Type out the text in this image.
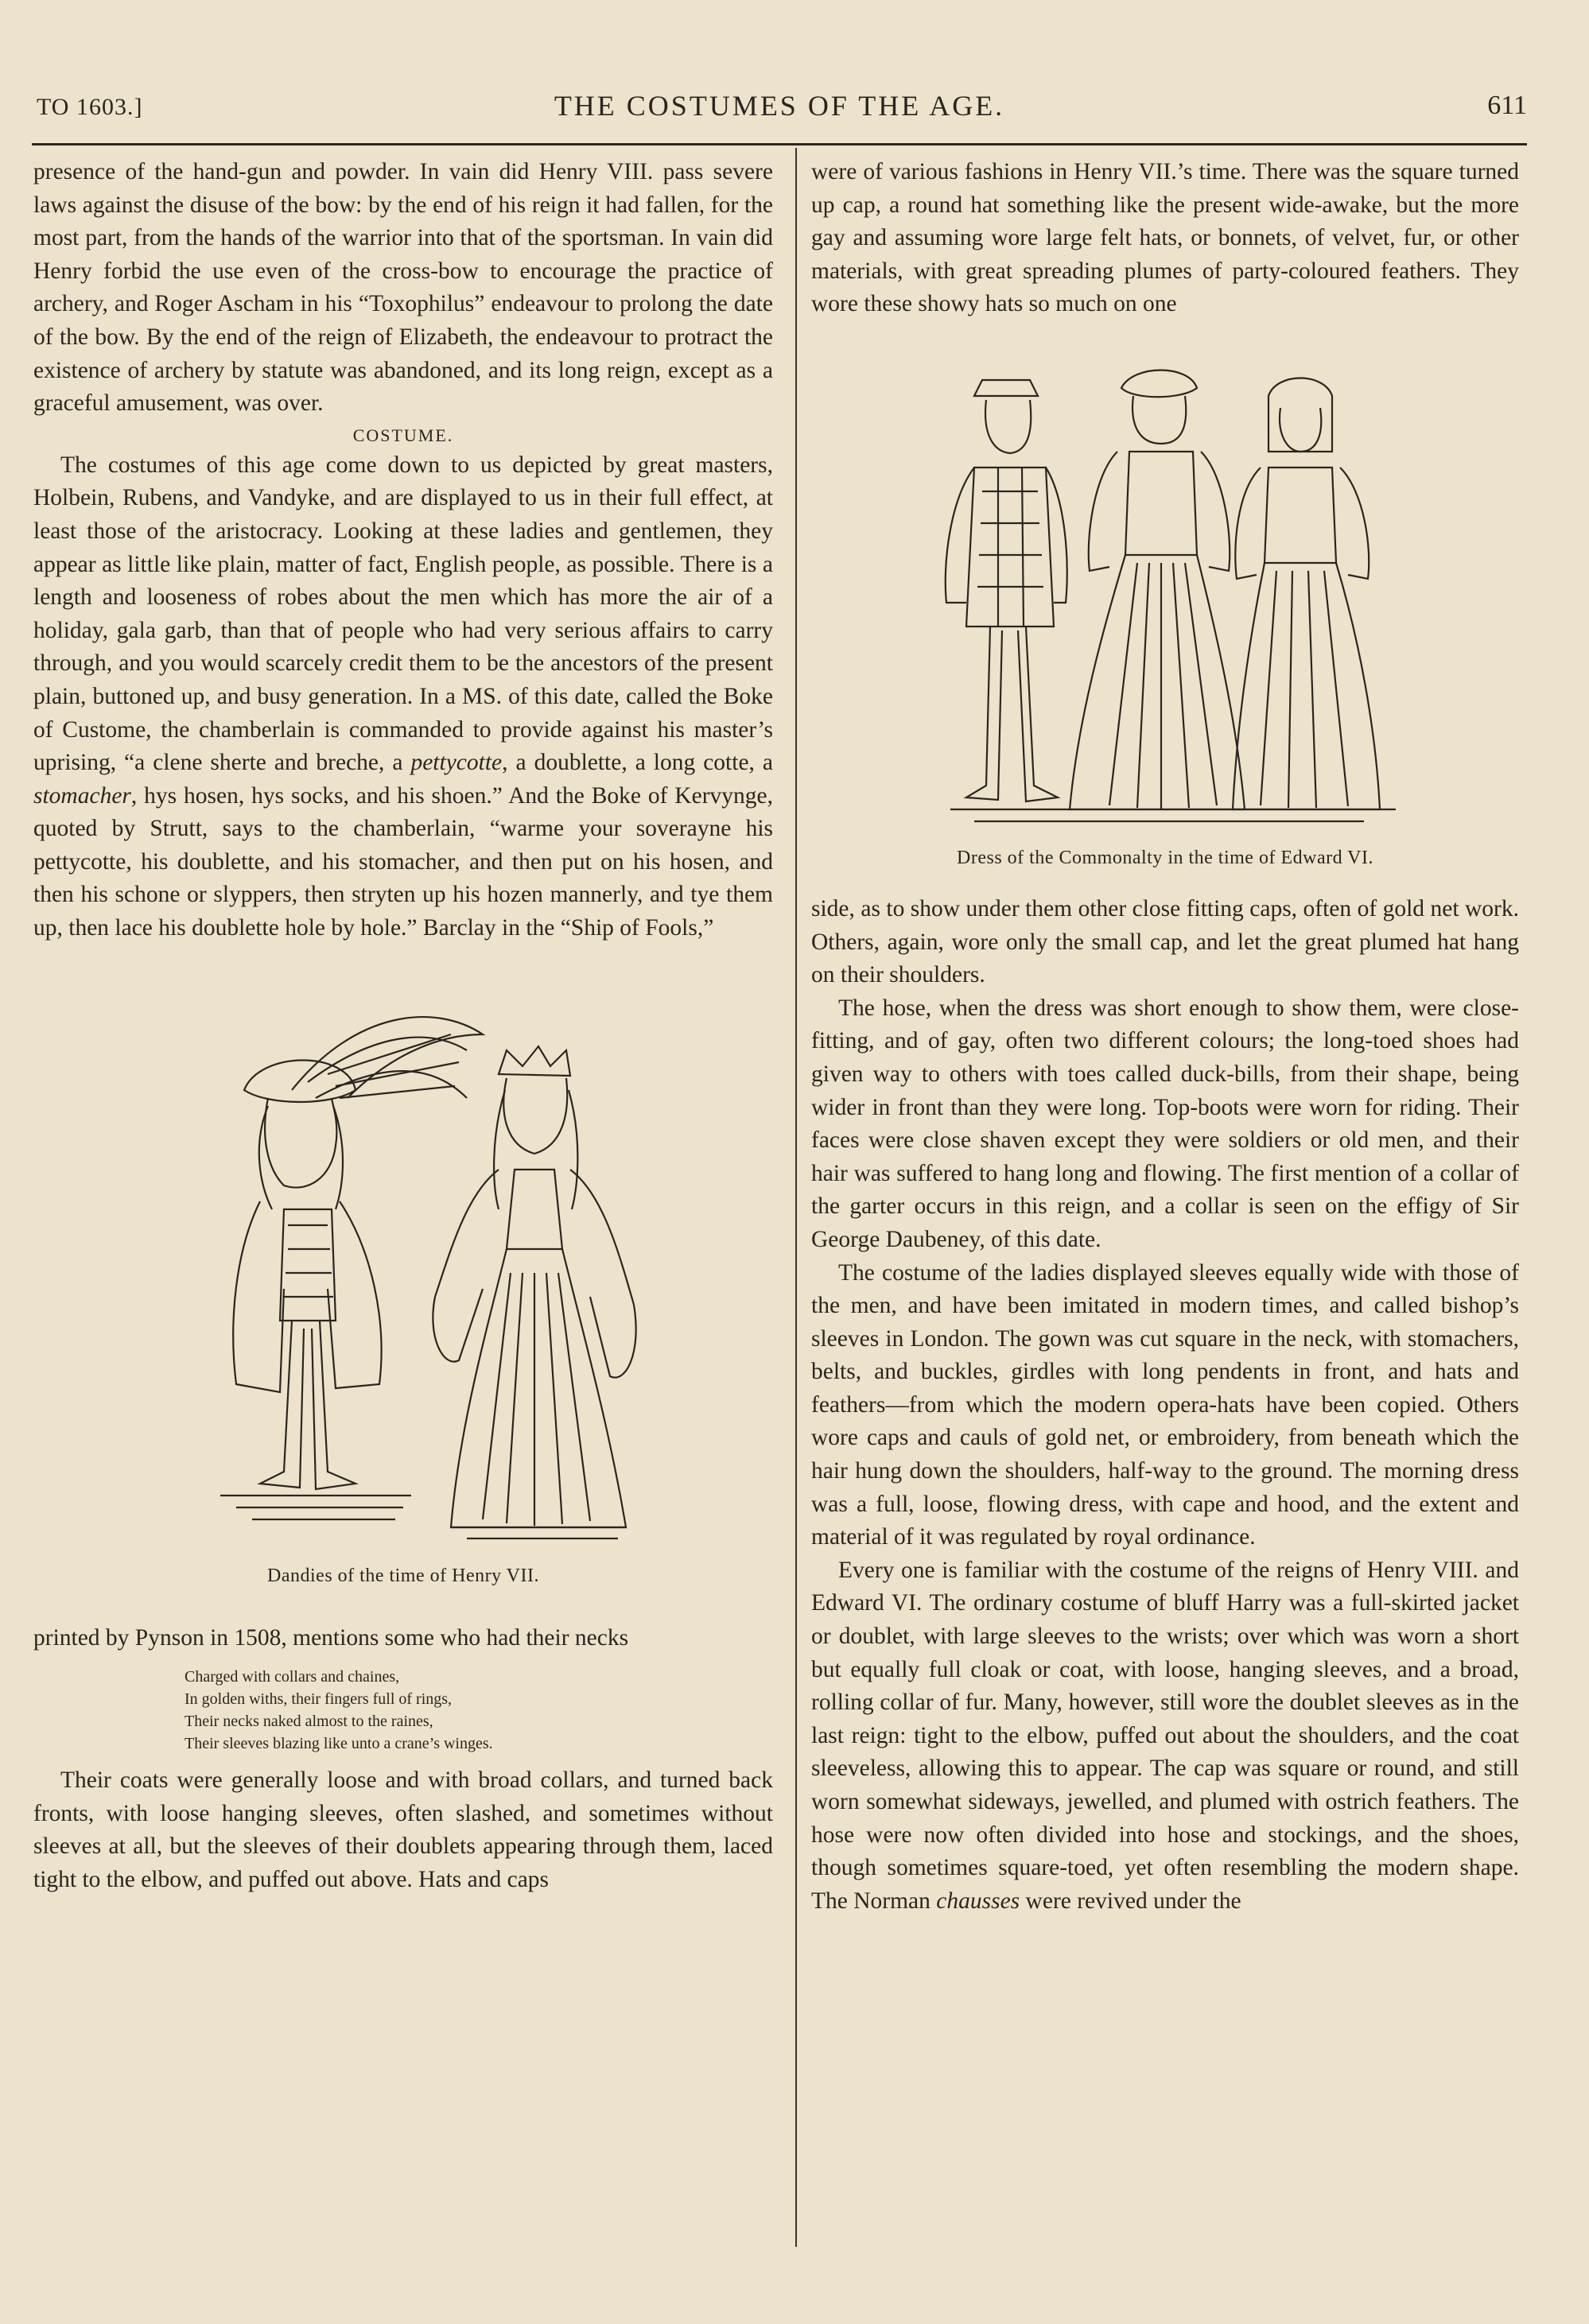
TO 1603.]	THE COSTUMES OF THE AGE.	611

presence of the hand-gun and powder. In vain did Henry VIII. pass severe laws against the disuse of the bow: by the end of his reign it had fallen, for the most part, from the hands of the warrior into that of the sportsman. In vain did Henry forbid the use even of the cross-bow to encourage the practice of archery, and Roger Ascham in his “Toxophilus” endeavour to prolong the date of the bow. By the end of the reign of Elizabeth, the endeavour to protract the existence of archery by statute was abandoned, and its long reign, except as a graceful amusement, was over.

COSTUME.

The costumes of this age come down to us depicted by great masters, Holbein, Rubens, and Vandyke, and are displayed to us in their full effect, at least those of the aristocracy. Looking at these ladies and gentlemen, they appear as little like plain, matter of fact, English people, as possible. There is a length and looseness of robes about the men which has more the air of a holiday, gala garb, than that of people who had very serious affairs to carry through, and you would scarcely credit them to be the ancestors of the present plain, buttoned up, and busy generation. In a MS. of this date, called the Boke of Custome, the chamberlain is commanded to provide against his master’s uprising, “a clene sherte and breche, a pettycotte, a doublette, a long cotte, a stomacher, hys hosen, hys socks, and his shoen.” And the Boke of Kervynge, quoted by Strutt, says to the chamberlain, “warme your soverayne his pettycotte, his doublette, and his stomacher, and then put on his hosen, and then his schone or slyppers, then stryten up his hozen mannerly, and tye them up, then lace his doublette hole by hole.” Barclay in the “Ship of Fools,”

Dandies of the time of Henry VII.

printed by Pynson in 1508, mentions some who had their necks

Charged with collars and chaines,
In golden withs, their fingers full of rings,
Their necks naked almost to the raines,
Their sleeves blazing like unto a crane’s winges.

Their coats were generally loose and with broad collars, and turned back fronts, with loose hanging sleeves, often slashed, and sometimes without sleeves at all, but the sleeves of their doublets appearing through them, laced tight to the elbow, and puffed out above. Hats and caps

were of various fashions in Henry VII.’s time. There was the square turned up cap, a round hat something like the present wide-awake, but the more gay and assuming wore large felt hats, or bonnets, of velvet, fur, or other materials, with great spreading plumes of party-coloured feathers. They wore these showy hats so much on one

Dress of the Commonalty in the time of Edward VI.

side, as to show under them other close fitting caps, often of gold net work. Others, again, wore only the small cap, and let the great plumed hat hang on their shoulders.

The hose, when the dress was short enough to show them, were close-fitting, and of gay, often two different colours; the long-toed shoes had given way to others with toes called duck-bills, from their shape, being wider in front than they were long. Top-boots were worn for riding. Their faces were close shaven except they were soldiers or old men, and their hair was suffered to hang long and flowing. The first mention of a collar of the garter occurs in this reign, and a collar is seen on the effigy of Sir George Daubeney, of this date.

The costume of the ladies displayed sleeves equally wide with those of the men, and have been imitated in modern times, and called bishop’s sleeves in London. The gown was cut square in the neck, with stomachers, belts, and buckles, girdles with long pendents in front, and hats and feathers—from which the modern opera-hats have been copied. Others wore caps and cauls of gold net, or embroidery, from beneath which the hair hung down the shoulders, half-way to the ground. The morning dress was a full, loose, flowing dress, with cape and hood, and the extent and material of it was regulated by royal ordinance.

Every one is familiar with the costume of the reigns of Henry VIII. and Edward VI. The ordinary costume of bluff Harry was a full-skirted jacket or doublet, with large sleeves to the wrists; over which was worn a short but equally full cloak or coat, with loose, hanging sleeves, and a broad, rolling collar of fur. Many, however, still wore the doublet sleeves as in the last reign: tight to the elbow, puffed out about the shoulders, and the coat sleeveless, allowing this to appear. The cap was square or round, and still worn somewhat sideways, jewelled, and plumed with ostrich feathers. The hose were now often divided into hose and stockings, and the shoes, though sometimes square-toed, yet often resembling the modern shape. The Norman chausses were revived under the
